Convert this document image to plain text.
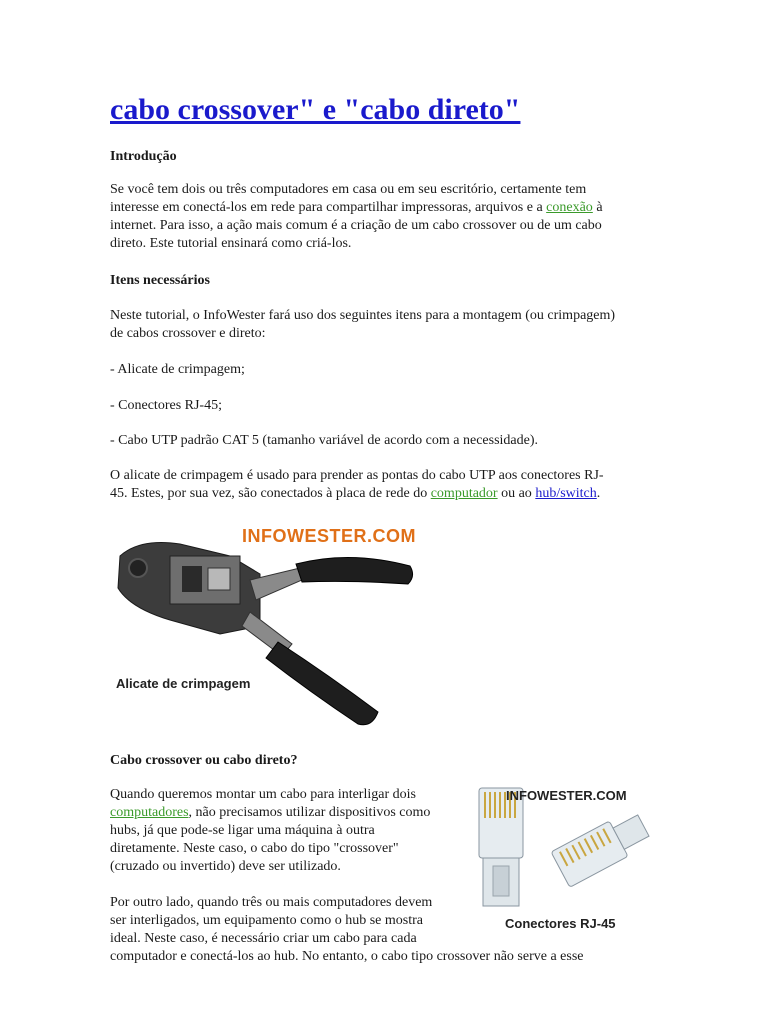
cabo crossover" e "cabo direto"

Introdução

Se você tem dois ou três computadores em casa ou em seu escritório, certamente tem
interesse em conectá-los em rede para compartilhar impressoras, arquivos e a conexão à
internet. Para isso, a ação mais comum é a criação de um cabo crossover ou de um cabo
direto. Este tutorial ensinará como criá-los.

Itens necessários

Neste tutorial, o InfoWester fará uso dos seguintes itens para a montagem (ou crimpagem)
de cabos crossover e direto:

- Alicate de crimpagem;

- Conectores RJ-45;

- Cabo UTP padrão CAT 5 (tamanho variável de acordo com a necessidade).

O alicate de crimpagem é usado para prender as pontas do cabo UTP aos conectores RJ-
45. Estes, por sua vez, são conectados à placa de rede do computador ou ao hub/switch.
INFOWESTER.COM
Alicate de crimpagem

Cabo crossover ou cabo direto?

Quando queremos montar um cabo para interligar dois
computadores, não precisamos utilizar dispositivos como
hubs, já que pode-se ligar uma máquina à outra
diretamente. Neste caso, o cabo do tipo "crossover"
(cruzado ou invertido) deve ser utilizado.
Por outro lado, quando três ou mais computadores devem
ser interligados, um equipamento como o hub se mostra
ideal. Neste caso, é necessário criar um cabo para cada
computador e conectá-los ao hub. No entanto, o cabo tipo crossover não serve a esse
INFOWESTER.COM
Conectores RJ-45
